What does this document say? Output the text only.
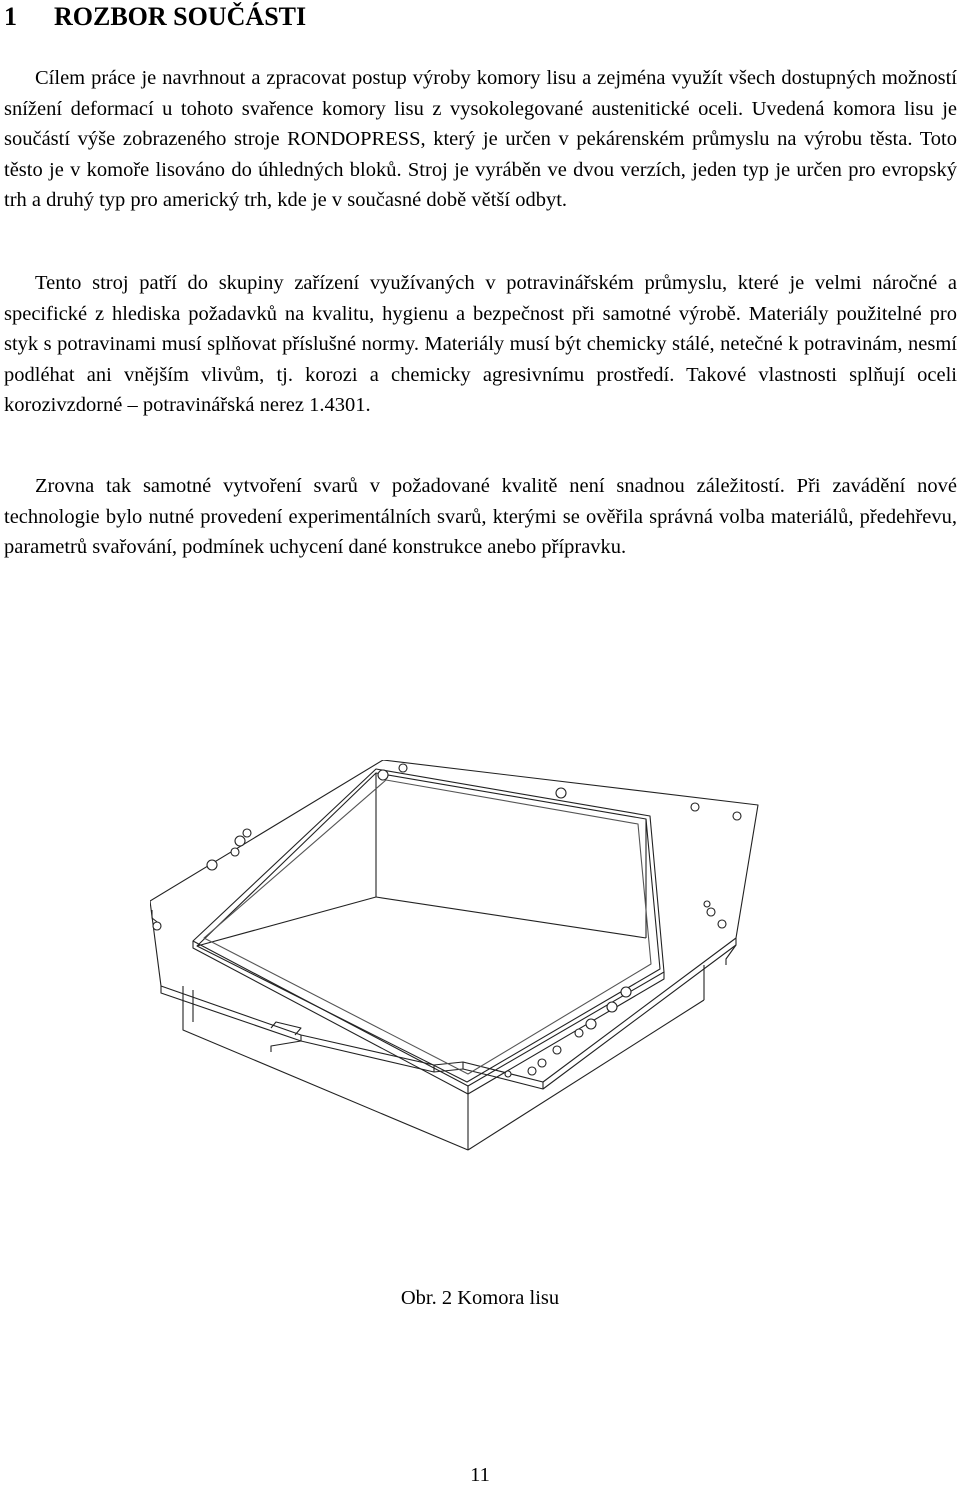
1 ROZBOR SOUČÁSTI

Cílem práce je navrhnout a zpracovat postup výroby komory lisu a zejména využít všech dostupných možností snížení deformací u tohoto svařence komory lisu z vysokolegované austenitické oceli. Uvedená komora lisu je součástí výše zobrazeného stroje RONDOPRESS, který je určen v pekárenském průmyslu na výrobu těsta. Toto těsto je v komoře lisováno do úhledných bloků. Stroj je vyráběn ve dvou verzích, jeden typ je určen pro evropský trh a druhý typ pro americký trh, kde je v současné době větší odbyt.

Tento stroj patří do skupiny zařízení využívaných v potravinářském průmyslu, které je velmi náročné a specifické z hlediska požadavků na kvalitu, hygienu a bezpečnost při samotné výrobě. Materiály použitelné pro styk s potravinami musí splňovat příslušné normy. Materiály musí být chemicky stálé, netečné k potravinám, nesmí podléhat ani vnějším vlivům, tj. korozi a chemicky agresivnímu prostředí. Takové vlastnosti splňují oceli korozivzdorné – potravinářská nerez 1.4301.

Zrovna tak samotné vytvoření svarů v požadované kvalitě není snadnou záležitostí. Při zavádění nové technologie bylo nutné provedení experimentálních svarů, kterými se ověřila správná volba materiálů, předehřevu, parametrů svařování, podmínek uchycení dané konstrukce anebo přípravku.

Obr. 2 Komora lisu
11
